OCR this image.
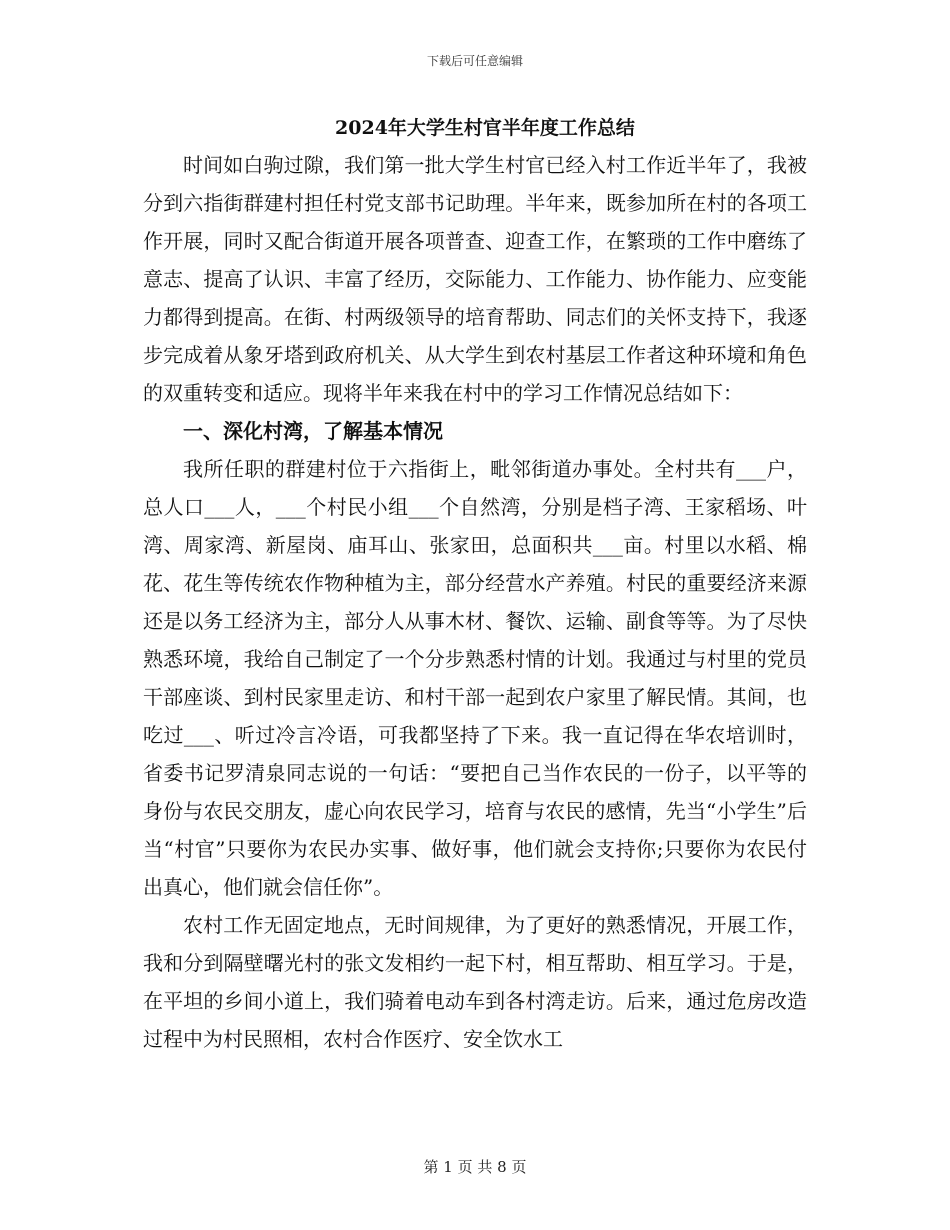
下载后可任意编辑
2024年大学生村官半年度工作总结

时间如白驹过隙，我们第一批大学生村官已经入村工作近半年了，我被分到六指街群建村担任村党支部书记助理。半年来，既参加所在村的各项工作开展，同时又配合街道开展各项普查、迎查工作，在繁琐的工作中磨练了意志、提高了认识、丰富了经历，交际能力、工作能力、协作能力、应变能力都得到提高。在街、村两级领导的培育帮助、同志们的关怀支持下，我逐步完成着从象牙塔到政府机关、从大学生到农村基层工作者这种环境和角色的双重转变和适应。现将半年来我在村中的学习工作情况总结如下：

一、深化村湾，了解基本情况

我所任职的群建村位于六指街上，毗邻街道办事处。全村共有___户，总人口___人，___个村民小组___个自然湾，分别是档子湾、王家稻场、叶湾、周家湾、新屋岗、庙耳山、张家田，总面积共___亩。村里以水稻、棉花、花生等传统农作物种植为主，部分经营水产养殖。村民的重要经济来源还是以务工经济为主，部分人从事木材、餐饮、运输、副食等等。为了尽快熟悉环境，我给自己制定了一个分步熟悉村情的计划。我通过与村里的党员干部座谈、到村民家里走访、和村干部一起到农户家里了解民情。其间，也吃过___、听过冷言冷语，可我都坚持了下来。我一直记得在华农培训时，省委书记罗清泉同志说的一句话：“要把自己当作农民的一份子，以平等的身份与农民交朋友，虚心向农民学习，培育与农民的感情，先当“小学生”后当“村官”只要你为农民办实事、做好事，他们就会支持你;只要你为农民付出真心，他们就会信任你”。

农村工作无固定地点，无时间规律，为了更好的熟悉情况，开展工作，我和分到隔壁曙光村的张文发相约一起下村，相互帮助、相互学习。于是，在平坦的乡间小道上，我们骑着电动车到各村湾走访。后来，通过危房改造过程中为村民照相，农村合作医疗、安全饮水工

第 1 页 共 8 页
